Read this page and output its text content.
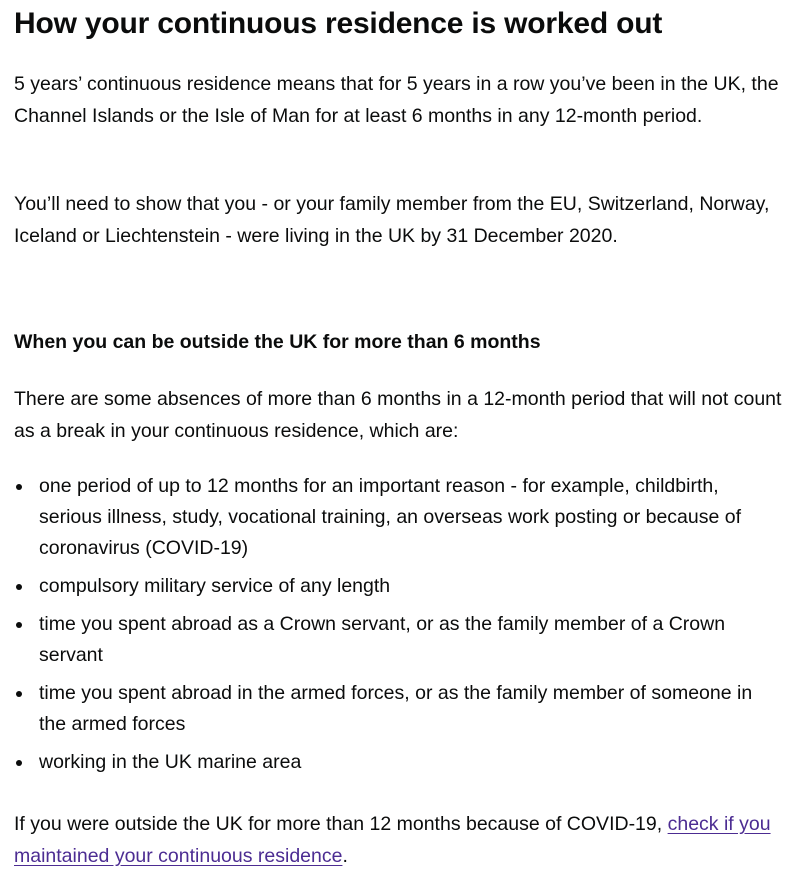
How your continuous residence is worked out

5 years’ continuous residence means that for 5 years in a row you’ve been in the UK, the Channel Islands or the Isle of Man for at least 6 months in any 12-month period.

You’ll need to show that you - or your family member from the EU, Switzerland, Norway, Iceland or Liechtenstein - were living in the UK by 31 December 2020.

When you can be outside the UK for more than 6 months

There are some absences of more than 6 months in a 12-month period that will not count as a break in your continuous residence, which are:

one period of up to 12 months for an important reason - for example, childbirth, serious illness, study, vocational training, an overseas work posting or because of coronavirus (COVID-19)
compulsory military service of any length
time you spent abroad as a Crown servant, or as the family member of a Crown servant
time you spent abroad in the armed forces, or as the family member of someone in the armed forces
working in the UK marine area

If you were outside the UK for more than 12 months because of COVID-19, check if you maintained your continuous residence.
